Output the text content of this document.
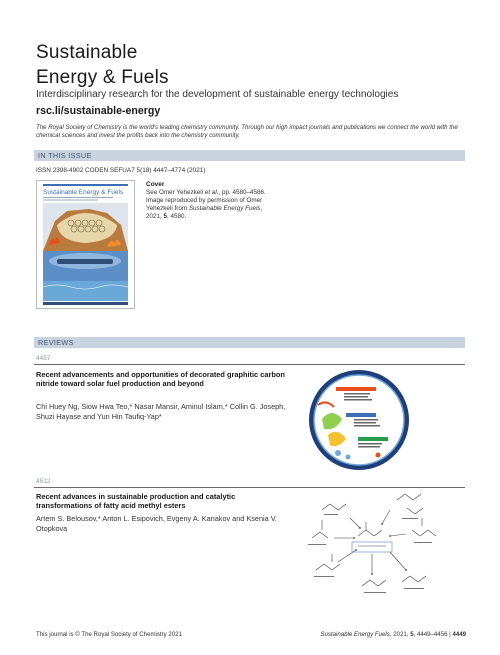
Sustainable
Energy & Fuels
Interdisciplinary research for the development of sustainable energy technologies
rsc.li/sustainable-energy
The Royal Society of Chemistry is the world's leading chemistry community. Through our high impact journals and publications we connect the world with the chemical sciences and invest the profits back into the chemistry community.
IN THIS ISSUE
ISSN 2398-4902 CODEN SEFUA7 5(18) 4447–4774 (2021)
Sustainable Energy & Fuels
Cover
See Omer Yehezkeli et al., pp. 4580–4586. Image reproduced by permission of Omer Yehezkeli from Sustainable Energy Fuels, 2021, 5, 4580.
REVIEWS
4457
Recent advancements and opportunities of decorated graphitic carbon nitride toward solar fuel production and beyond
Chi Huey Ng, Siow Hwa Teo,* Nasar Mansir, Aminul Islam,* Collin G. Joseph, Shuzi Hayase and Yun Hin Taufiq-Yap*
4512
Recent advances in sustainable production and catalytic transformations of fatty acid methyl esters
Artem S. Belousov,* Anton L. Esipovich, Evgeny A. Kanakov and Ksenia V. Otopkova
This journal is © The Royal Society of Chemistry 2021	Sustainable Energy Fuels, 2021, 5, 4449–4456 | 4449
